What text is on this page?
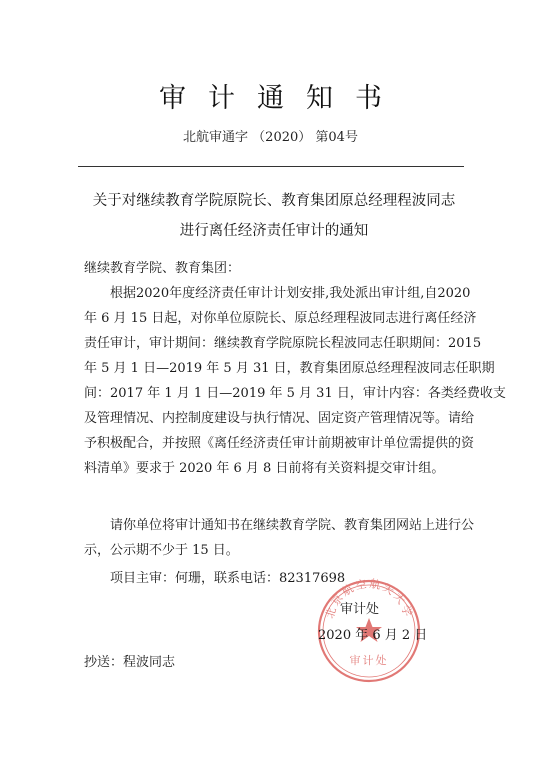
审计通知书
北航审通字 （2020） 第04号
关于对继续教育学院原院长、教育集团原总经理程波同志
进行离任经济责任审计的通知
继续教育学院、教育集团：
　　根据2020年度经济责任审计计划安排,我处派出审计组,自2020
年 6 月 15 日起，对你单位原院长、原总经理程波同志进行离任经济
责任审计，审计期间：继续教育学院原院长程波同志任职期间：2015
年 5 月 1 日—2019 年 5 月 31 日，教育集团原总经理程波同志任职期
间：2017 年 1 月 1 日—2019 年 5 月 31 日，审计内容：各类经费收支
及管理情况、内控制度建设与执行情况、固定资产管理情况等。请给
予积极配合，并按照《离任经济责任审计前期被审计单位需提供的资
料清单》要求于 2020 年 6 月 8 日前将有关资料提交审计组。
　　请你单位将审计通知书在继续教育学院、教育集团网站上进行公
示，公示期不少于 15 日。
项目主审：何珊，联系电话：82317698
北京航空航天大学
审计处
审计处
2020 年 6 月 2 日
抄送：程波同志
